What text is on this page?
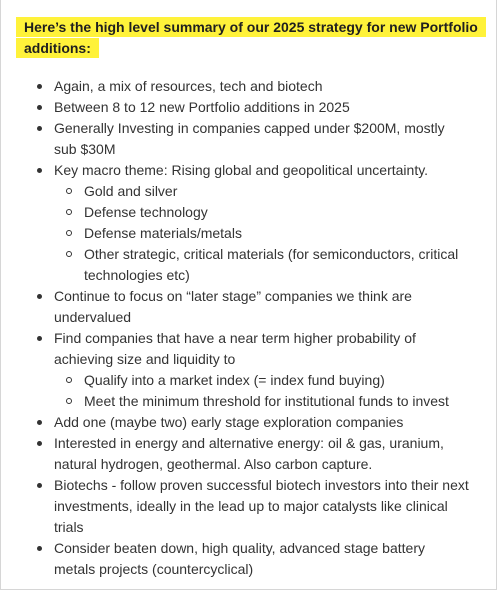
Here’s the high level summary of our 2025 strategy for new Portfolio additions:
Again, a mix of resources, tech and biotech
Between 8 to 12 new Portfolio additions in 2025
Generally Investing in companies capped under $200M, mostly sub $30M
Key macro theme: Rising global and geopolitical uncertainty.
Gold and silver
Defense technology
Defense materials/metals
Other strategic, critical materials (for semiconductors, critical technologies etc)
Continue to focus on “later stage” companies we think are undervalued
Find companies that have a near term higher probability of achieving size and liquidity to
Qualify into a market index (= index fund buying)
Meet the minimum threshold for institutional funds to invest
Add one (maybe two) early stage exploration companies
Interested in energy and alternative energy: oil & gas, uranium, natural hydrogen, geothermal. Also carbon capture.
Biotechs - follow proven successful biotech investors into their next investments, ideally in the lead up to major catalysts like clinical trials
Consider beaten down, high quality, advanced stage battery metals projects (countercyclical)
